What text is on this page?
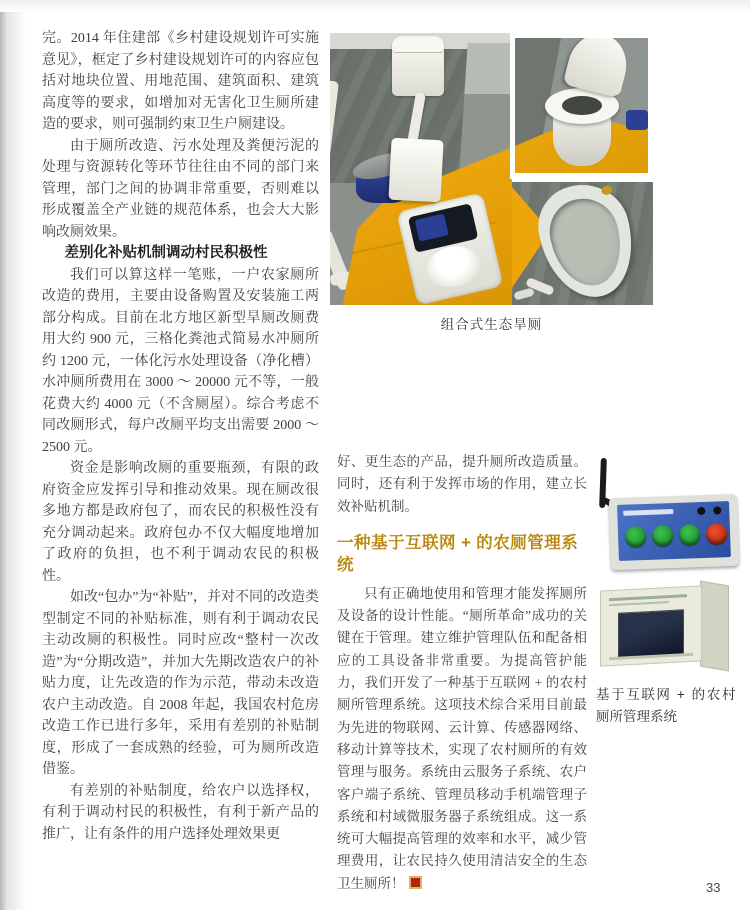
完。2014 年住建部《乡村建设规划许可实施意见》，框定了乡村建设规划许可的内容应包括对地块位置、用地范围、建筑面积、建筑高度等的要求，如增加对无害化卫生厕所建造的要求，则可强制约束卫生户厕建设。

由于厕所改造、污水处理及粪便污泥的处理与资源转化等环节往往由不同的部门来管理，部门之间的协调非常重要，否则难以形成覆盖全产业链的规范体系，也会大大影响改厕效果。

差别化补贴机制调动村民积极性

我们可以算这样一笔账，一户农家厕所改造的费用，主要由设备购置及安装施工两部分构成。目前在北方地区新型旱厕改厕费用大约 900 元，三格化粪池式简易水冲厕所约 1200 元，一体化污水处理设备（净化槽）水冲厕所费用在 3000 ～ 20000 元不等，一般花费大约 4000 元（不含厕屋）。综合考虑不同改厕形式，每户改厕平均支出需要 2000 ～ 2500 元。

资金是影响改厕的重要瓶颈，有限的政府资金应发挥引导和推动效果。现在厕改很多地方都是政府包了，而农民的积极性没有充分调动起来。政府包办不仅大幅度地增加了政府的负担，也不利于调动农民的积极性。

如改“包办”为“补贴”，并对不同的改造类型制定不同的补贴标准，则有利于调动农民主动改厕的积极性。同时应改“整村一次改造”为“分期改造”，并加大先期改造农户的补贴力度，让先改造的作为示范，带动未改造农户主动改造。自 2008 年起，我国农村危房改造工作已进行多年，采用有差别的补贴制度，形成了一套成熟的经验，可为厕所改造借鉴。

有差别的补贴制度，给农户以选择权，有利于调动村民的积极性，有利于新产品的推广，让有条件的用户选择处理效果更

组合式生态旱厕

好、更生态的产品，提升厕所改造质量。同时，还有利于发挥市场的作用，建立长效补贴机制。

一种基于互联网 + 的农厕管理系统

只有正确地使用和管理才能发挥厕所及设备的设计性能。“厕所革命”成功的关键在于管理。建立维护管理队伍和配备相应的工具设备非常重要。为提高管护能力，我们开发了一种基于互联网 + 的农村厕所管理系统。这项技术综合采用目前最为先进的物联网、云计算、传感器网络、移动计算等技术，实现了农村厕所的有效管理与服务。系统由云服务子系统、农户客户端子系统、管理员移动手机端管理子系统和村域微服务器子系统组成。这一系统可大幅提高管理的效率和水平，减少管理费用，让农民持久使用清洁安全的生态卫生厕所！

基于互联网 + 的农村
厕所管理系统
33
